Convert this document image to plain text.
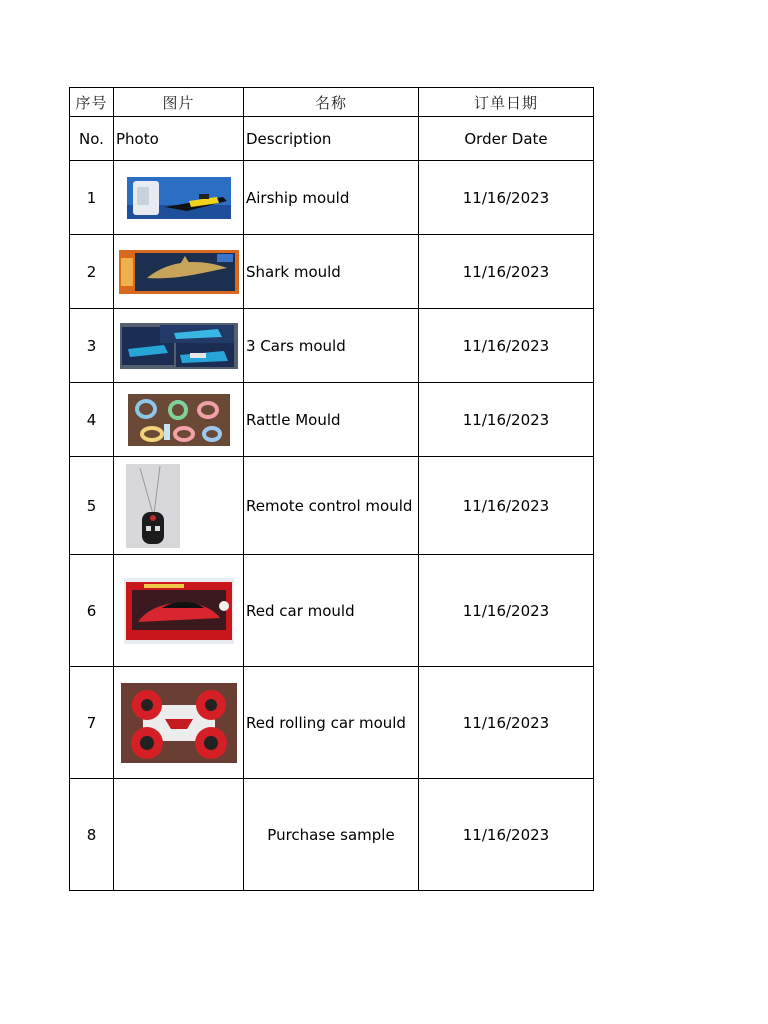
序号	图片	名称	订单日期
No.	Photo	Description	Order Date
1		Airship mould	11/16/2023
2		Shark mould	11/16/2023
3		3 Cars mould	11/16/2023
4		Rattle Mould	11/16/2023
5		Remote control mould	11/16/2023
6		Red car mould	11/16/2023
7		Red rolling car mould	11/16/2023
8		Purchase sample	11/16/2023
